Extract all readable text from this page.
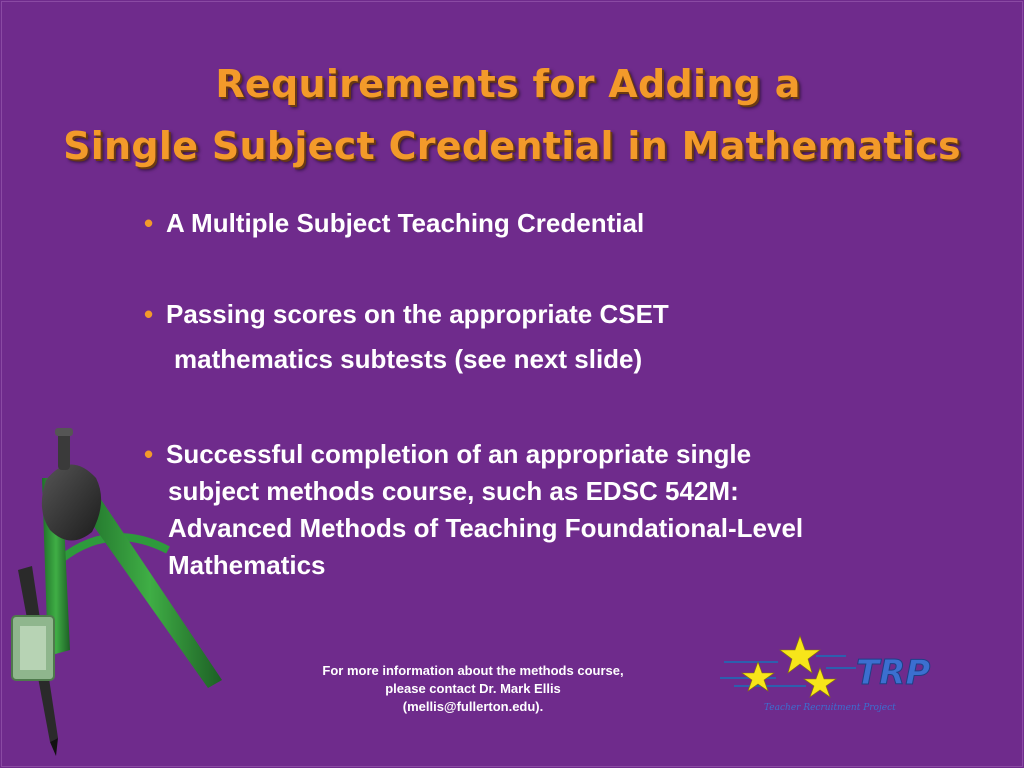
Requirements for Adding a
Single Subject Credential in Mathematics
• A Multiple Subject Teaching Credential
• Passing scores on the appropriate CSET
mathematics subtests (see next slide)
• Successful completion of an appropriate single
subject methods course, such as EDSC 542M:
Advanced Methods of Teaching Foundational-Level
Mathematics
For more information about the methods course,
please contact Dr. Mark Ellis
(mellis@fullerton.edu).
TRP
Teacher Recruitment Project
